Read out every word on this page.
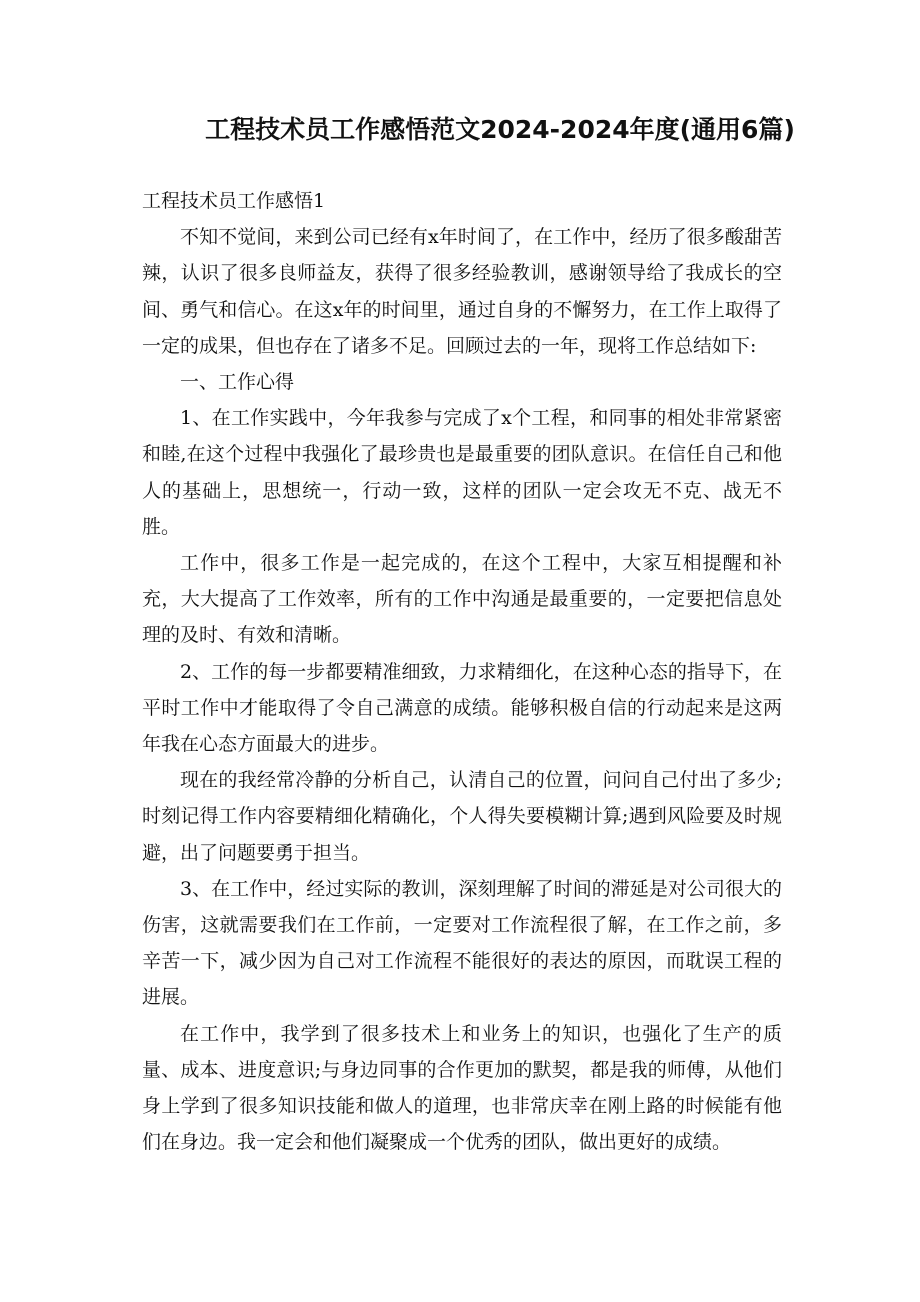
工程技术员工作感悟范文2024-2024年度(通用6篇)
工程技术员工作感悟1

不知不觉间，来到公司已经有x年时间了，在工作中，经历了很多酸甜苦辣，认识了很多良师益友，获得了很多经验教训，感谢领导给了我成长的空间、勇气和信心。在这x年的时间里，通过自身的不懈努力，在工作上取得了一定的成果，但也存在了诸多不足。回顾过去的一年，现将工作总结如下:

一、工作心得

1、在工作实践中，今年我参与完成了x个工程，和同事的相处非常紧密和睦,在这个过程中我强化了最珍贵也是最重要的团队意识。在信任自己和他人的基础上，思想统一，行动一致，这样的团队一定会攻无不克、战无不胜。

工作中，很多工作是一起完成的，在这个工程中，大家互相提醒和补充，大大提高了工作效率，所有的工作中沟通是最重要的，一定要把信息处理的及时、有效和清晰。

2、工作的每一步都要精准细致，力求精细化，在这种心态的指导下，在平时工作中才能取得了令自己满意的成绩。能够积极自信的行动起来是这两年我在心态方面最大的进步。

现在的我经常冷静的分析自己，认清自己的位置，问问自己付出了多少;时刻记得工作内容要精细化精确化，个人得失要模糊计算;遇到风险要及时规避，出了问题要勇于担当。

3、在工作中，经过实际的教训，深刻理解了时间的滞延是对公司很大的伤害，这就需要我们在工作前，一定要对工作流程很了解，在工作之前，多辛苦一下，减少因为自己对工作流程不能很好的表达的原因，而耽误工程的进展。

在工作中，我学到了很多技术上和业务上的知识，也强化了生产的质量、成本、进度意识;与身边同事的合作更加的默契，都是我的师傅，从他们身上学到了很多知识技能和做人的道理，也非常庆幸在刚上路的时候能有他们在身边。我一定会和他们凝聚成一个优秀的团队，做出更好的成绩。
